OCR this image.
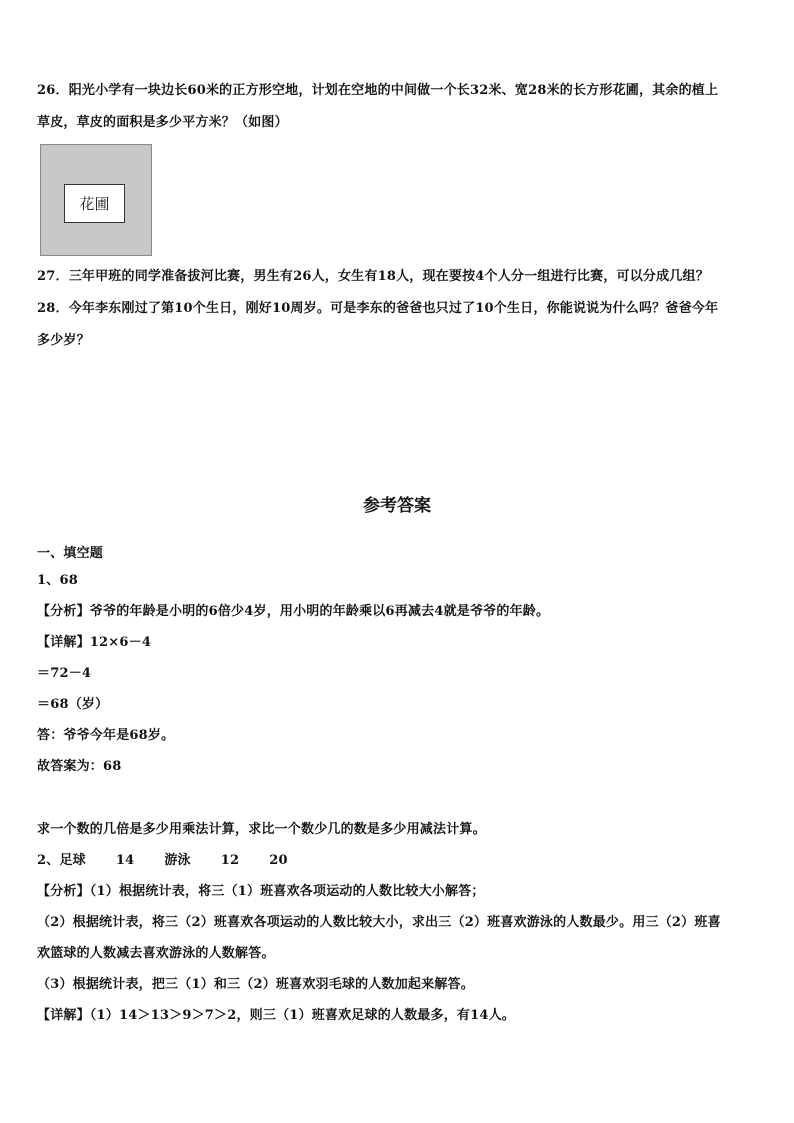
26．阳光小学有一块边长60米的正方形空地，计划在空地的中间做一个长32米、宽28米的长方形花圃，其余的植上
草皮，草皮的面积是多少平方米？（如图）
花圃
27．三年甲班的同学准备拔河比赛，男生有26人，女生有18人，现在要按4个人分一组进行比赛，可以分成几组？
28．今年李东刚过了第10个生日，刚好10周岁。可是李东的爸爸也只过了10个生日，你能说说为什么吗？爸爸今年
多少岁？
参考答案
一、填空题
1、68
【分析】爷爷的年龄是小明的6倍少4岁，用小明的年龄乘以6再减去4就是爷爷的年龄。
【详解】12×6－4
＝72－4
＝68（岁）
答：爷爷今年是68岁。
故答案为：68
求一个数的几倍是多少用乘法计算，求比一个数少几的数是多少用减法计算。
2、足球 14 游泳 12 20
【分析】（1）根据统计表，将三（1）班喜欢各项运动的人数比较大小解答；
（2）根据统计表，将三（2）班喜欢各项运动的人数比较大小，求出三（2）班喜欢游泳的人数最少。用三（2）班喜
欢篮球的人数减去喜欢游泳的人数解答。
（3）根据统计表，把三（1）和三（2）班喜欢羽毛球的人数加起来解答。
【详解】（1）14＞13＞9＞7＞2，则三（1）班喜欢足球的人数最多，有14人。
